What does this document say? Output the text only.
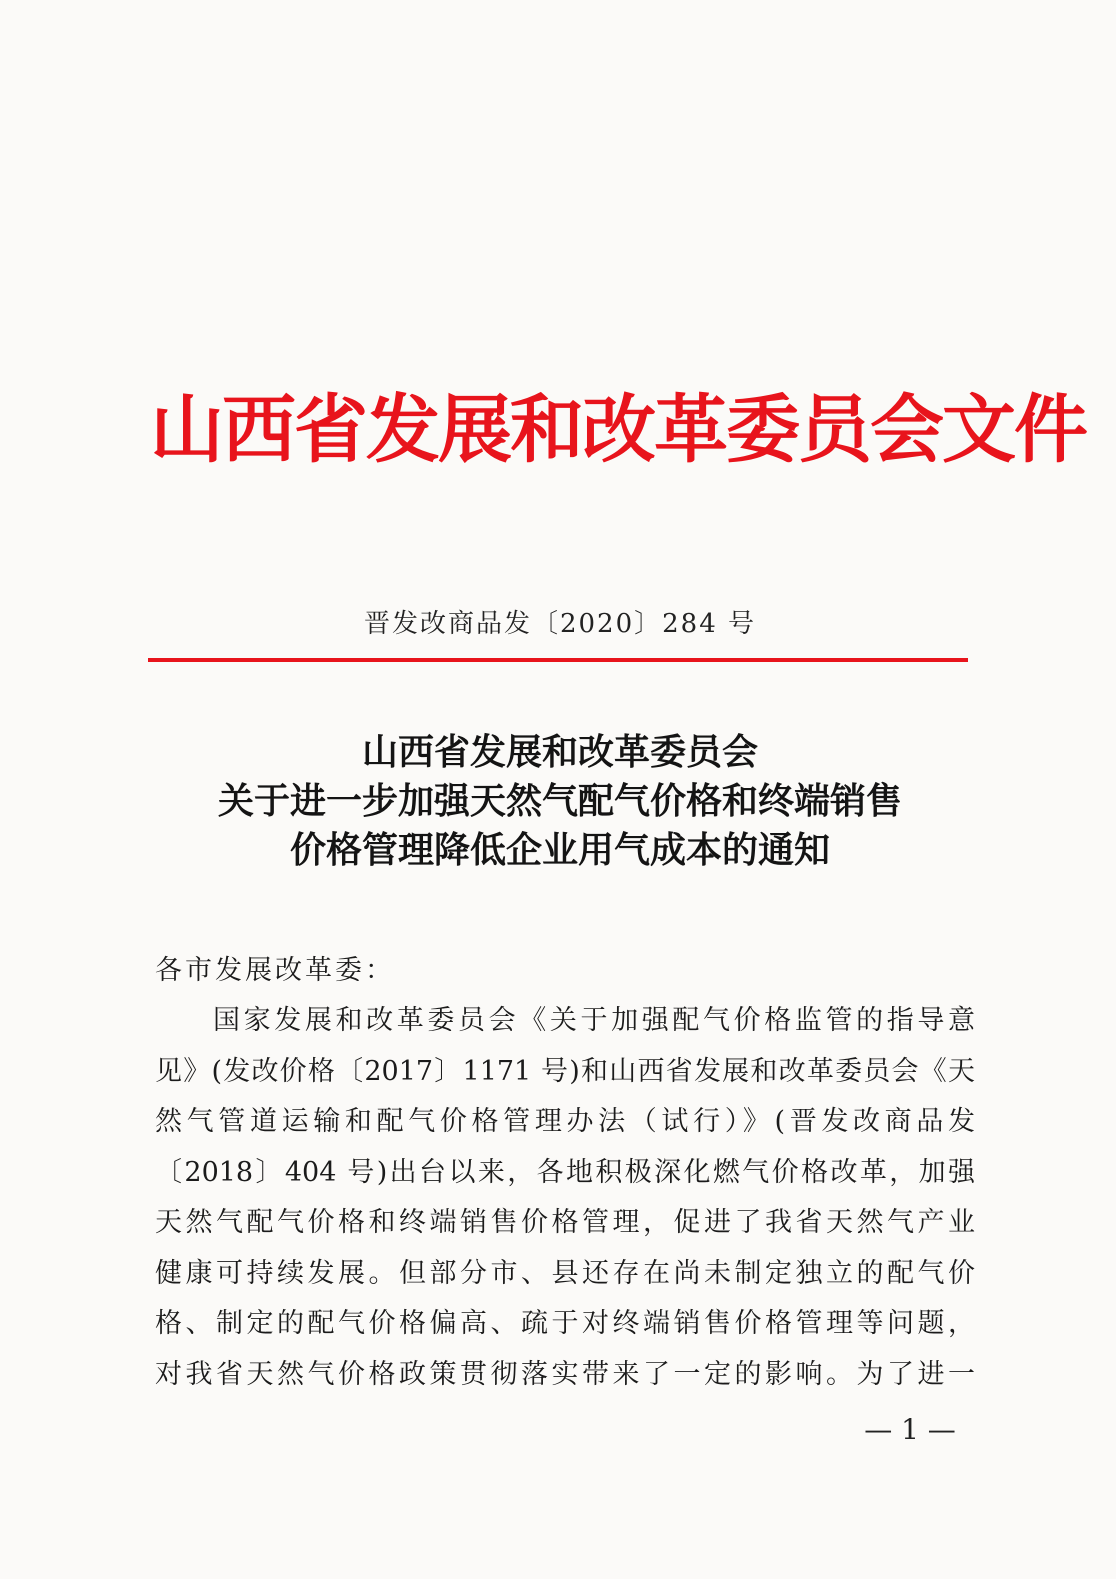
山西省发展和改革委员会文件
晋发改商品发〔2020〕284 号
山西省发展和改革委员会
关于进一步加强天然气配气价格和终端销售
价格管理降低企业用气成本的通知
各市发展改革委：
国家发展和改革委员会《关于加强配气价格监管的指导意
见》(发改价格〔2017〕1171 号)和山西省发展和改革委员会《天
然气管道运输和配气价格管理办法（试行）》(晋发改商品发
〔2018〕404 号)出台以来，各地积极深化燃气价格改革，加强
天然气配气价格和终端销售价格管理，促进了我省天然气产业
健康可持续发展。但部分市、县还存在尚未制定独立的配气价
格、制定的配气价格偏高、疏于对终端销售价格管理等问题，
对我省天然气价格政策贯彻落实带来了一定的影响。为了进一
— 1 —
